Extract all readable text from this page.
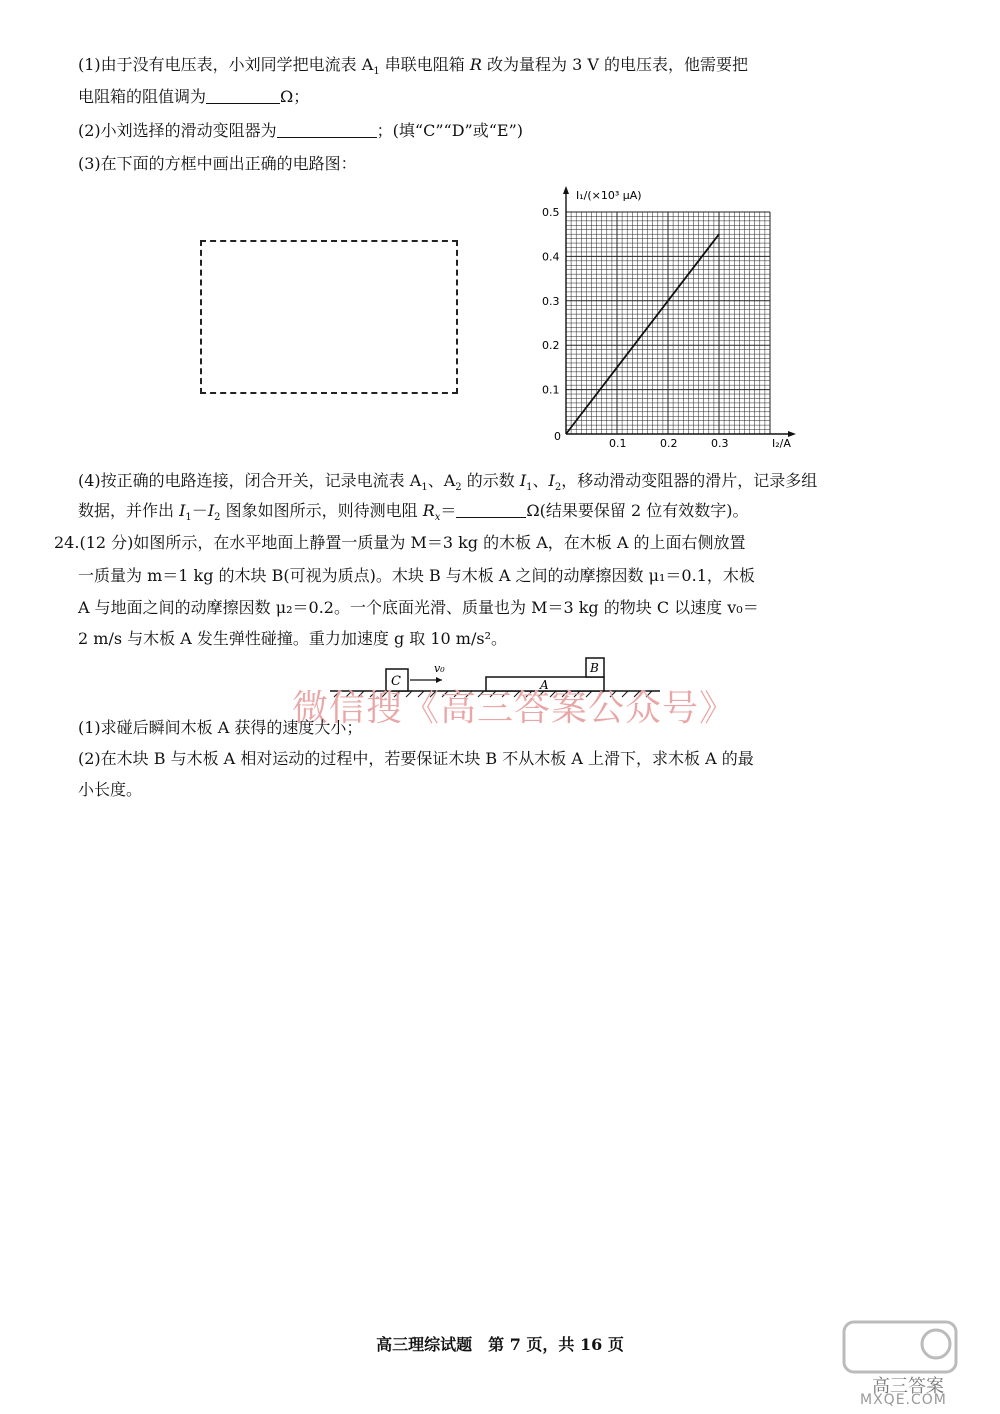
(1)由于没有电压表，小刘同学把电流表 $A_1$ 串联电阻箱 R 改为量程为 3 V 的电压表，他需要把
电阻箱的阻值调为	Ω；
(2)小刘选择的滑动变阻器为	；(填“C”“D”或“E”)
(3)在下面的方框中画出正确的电路图：
0.1	0.2	0.3
0.1
0.2
0.3
0.4
0.5
I₁/(×10³ μA)
I₂/A
0
(4)按正确的电路连接，闭合开关，记录电流表 $A_1$、$A_2$ 的示数 $I_1$、$I_2$，移动滑动变阻器的滑片，记录多组
数据，并作出 $I_1-I_2$ 图象如图所示，则待测电阻 $R_x=$	Ω(结果要保留 2 位有效数字)。
24.(12 分)如图所示，在水平地面上静置一质量为 M＝3 kg 的木板 A，在木板 A 的上面右侧放置
一质量为 m＝1 kg 的木块 B(可视为质点)。木块 B 与木板 A 之间的动摩擦因数 μ₁＝0.1，木板
A 与地面之间的动摩擦因数 μ₂＝0.2。一个底面光滑、质量也为 M＝3 kg 的物块 C 以速度 v₀＝
2 m/s 与木板 A 发生弹性碰撞。重力加速度 g 取 10 m/s²。
C
v₀
A
B
微信搜《高三答案公众号》
(1)求碰后瞬间木板 A 获得的速度大小；
(2)在木块 B 与木板 A 相对运动的过程中，若要保证木块 B 不从木板 A 上滑下，求木板 A 的最
小长度。
高三理综试题　第 7 页，共 16 页
高三答案
MXQE.COM
